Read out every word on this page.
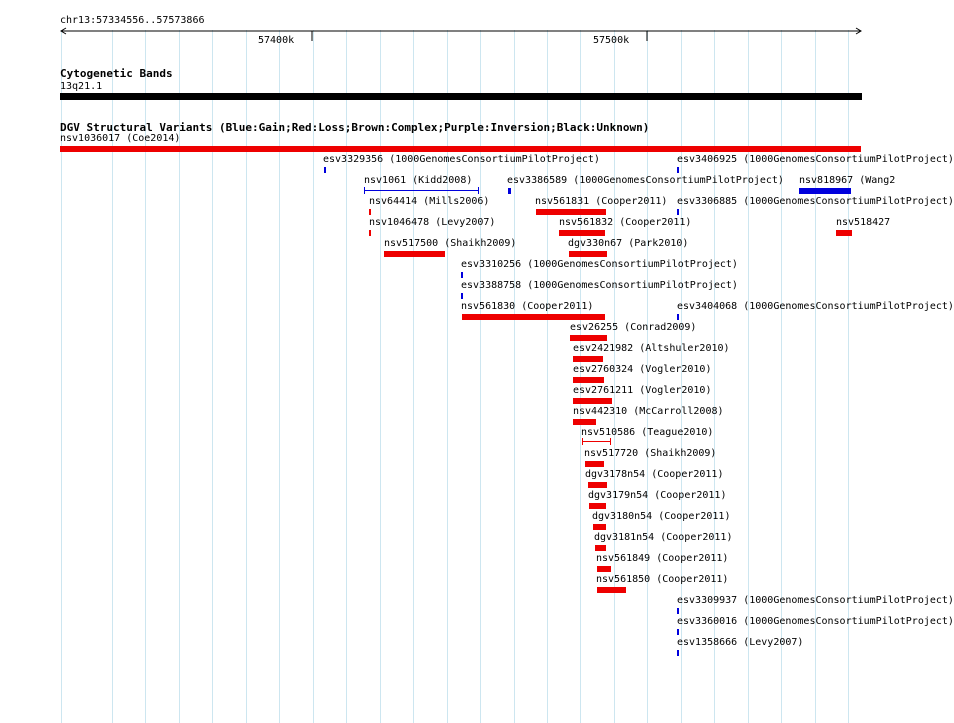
chr13:57334556..57573866
57400k	57500k
Cytogenetic Bands
13q21.1
DGV Structural Variants (Blue:Gain;Red:Loss;Brown:Complex;Purple:Inversion;Black:Unknown)
nsv1036017 (Coe2014)
esv3329356 (1000GenomesConsortiumPilotProject)	esv3406925 (1000GenomesConsortiumPilotProject)
nsv1061 (Kidd2008)	esv3386589 (1000GenomesConsortiumPilotProject) nsv818967 (Wang2
nsv64414 (Mills2006)	nsv561831 (Cooper2011) esv3306885 (1000GenomesConsortiumPilotProject)
nsv1046478 (Levy2007)	nsv561832 (Cooper2011)	nsv518427
nsv517500 (Shaikh2009)	dgv330n67 (Park2010)
esv3310256 (1000GenomesConsortiumPilotProject)
esv3388758 (1000GenomesConsortiumPilotProject)
nsv561830 (Cooper2011)	esv3404068 (1000GenomesConsortiumPilotProject)
esv26255 (Conrad2009)
esv2421982 (Altshuler2010)
esv2760324 (Vogler2010)
esv2761211 (Vogler2010)
nsv442310 (McCarroll2008)
nsv510586 (Teague2010)
nsv517720 (Shaikh2009)
dgv3178n54 (Cooper2011)
dgv3179n54 (Cooper2011)
dgv3180n54 (Cooper2011)
dgv3181n54 (Cooper2011)
nsv561849 (Cooper2011)
nsv561850 (Cooper2011)
esv3309937 (1000GenomesConsortiumPilotProject)
esv3360016 (1000GenomesConsortiumPilotProject)
esv1358666 (Levy2007)
